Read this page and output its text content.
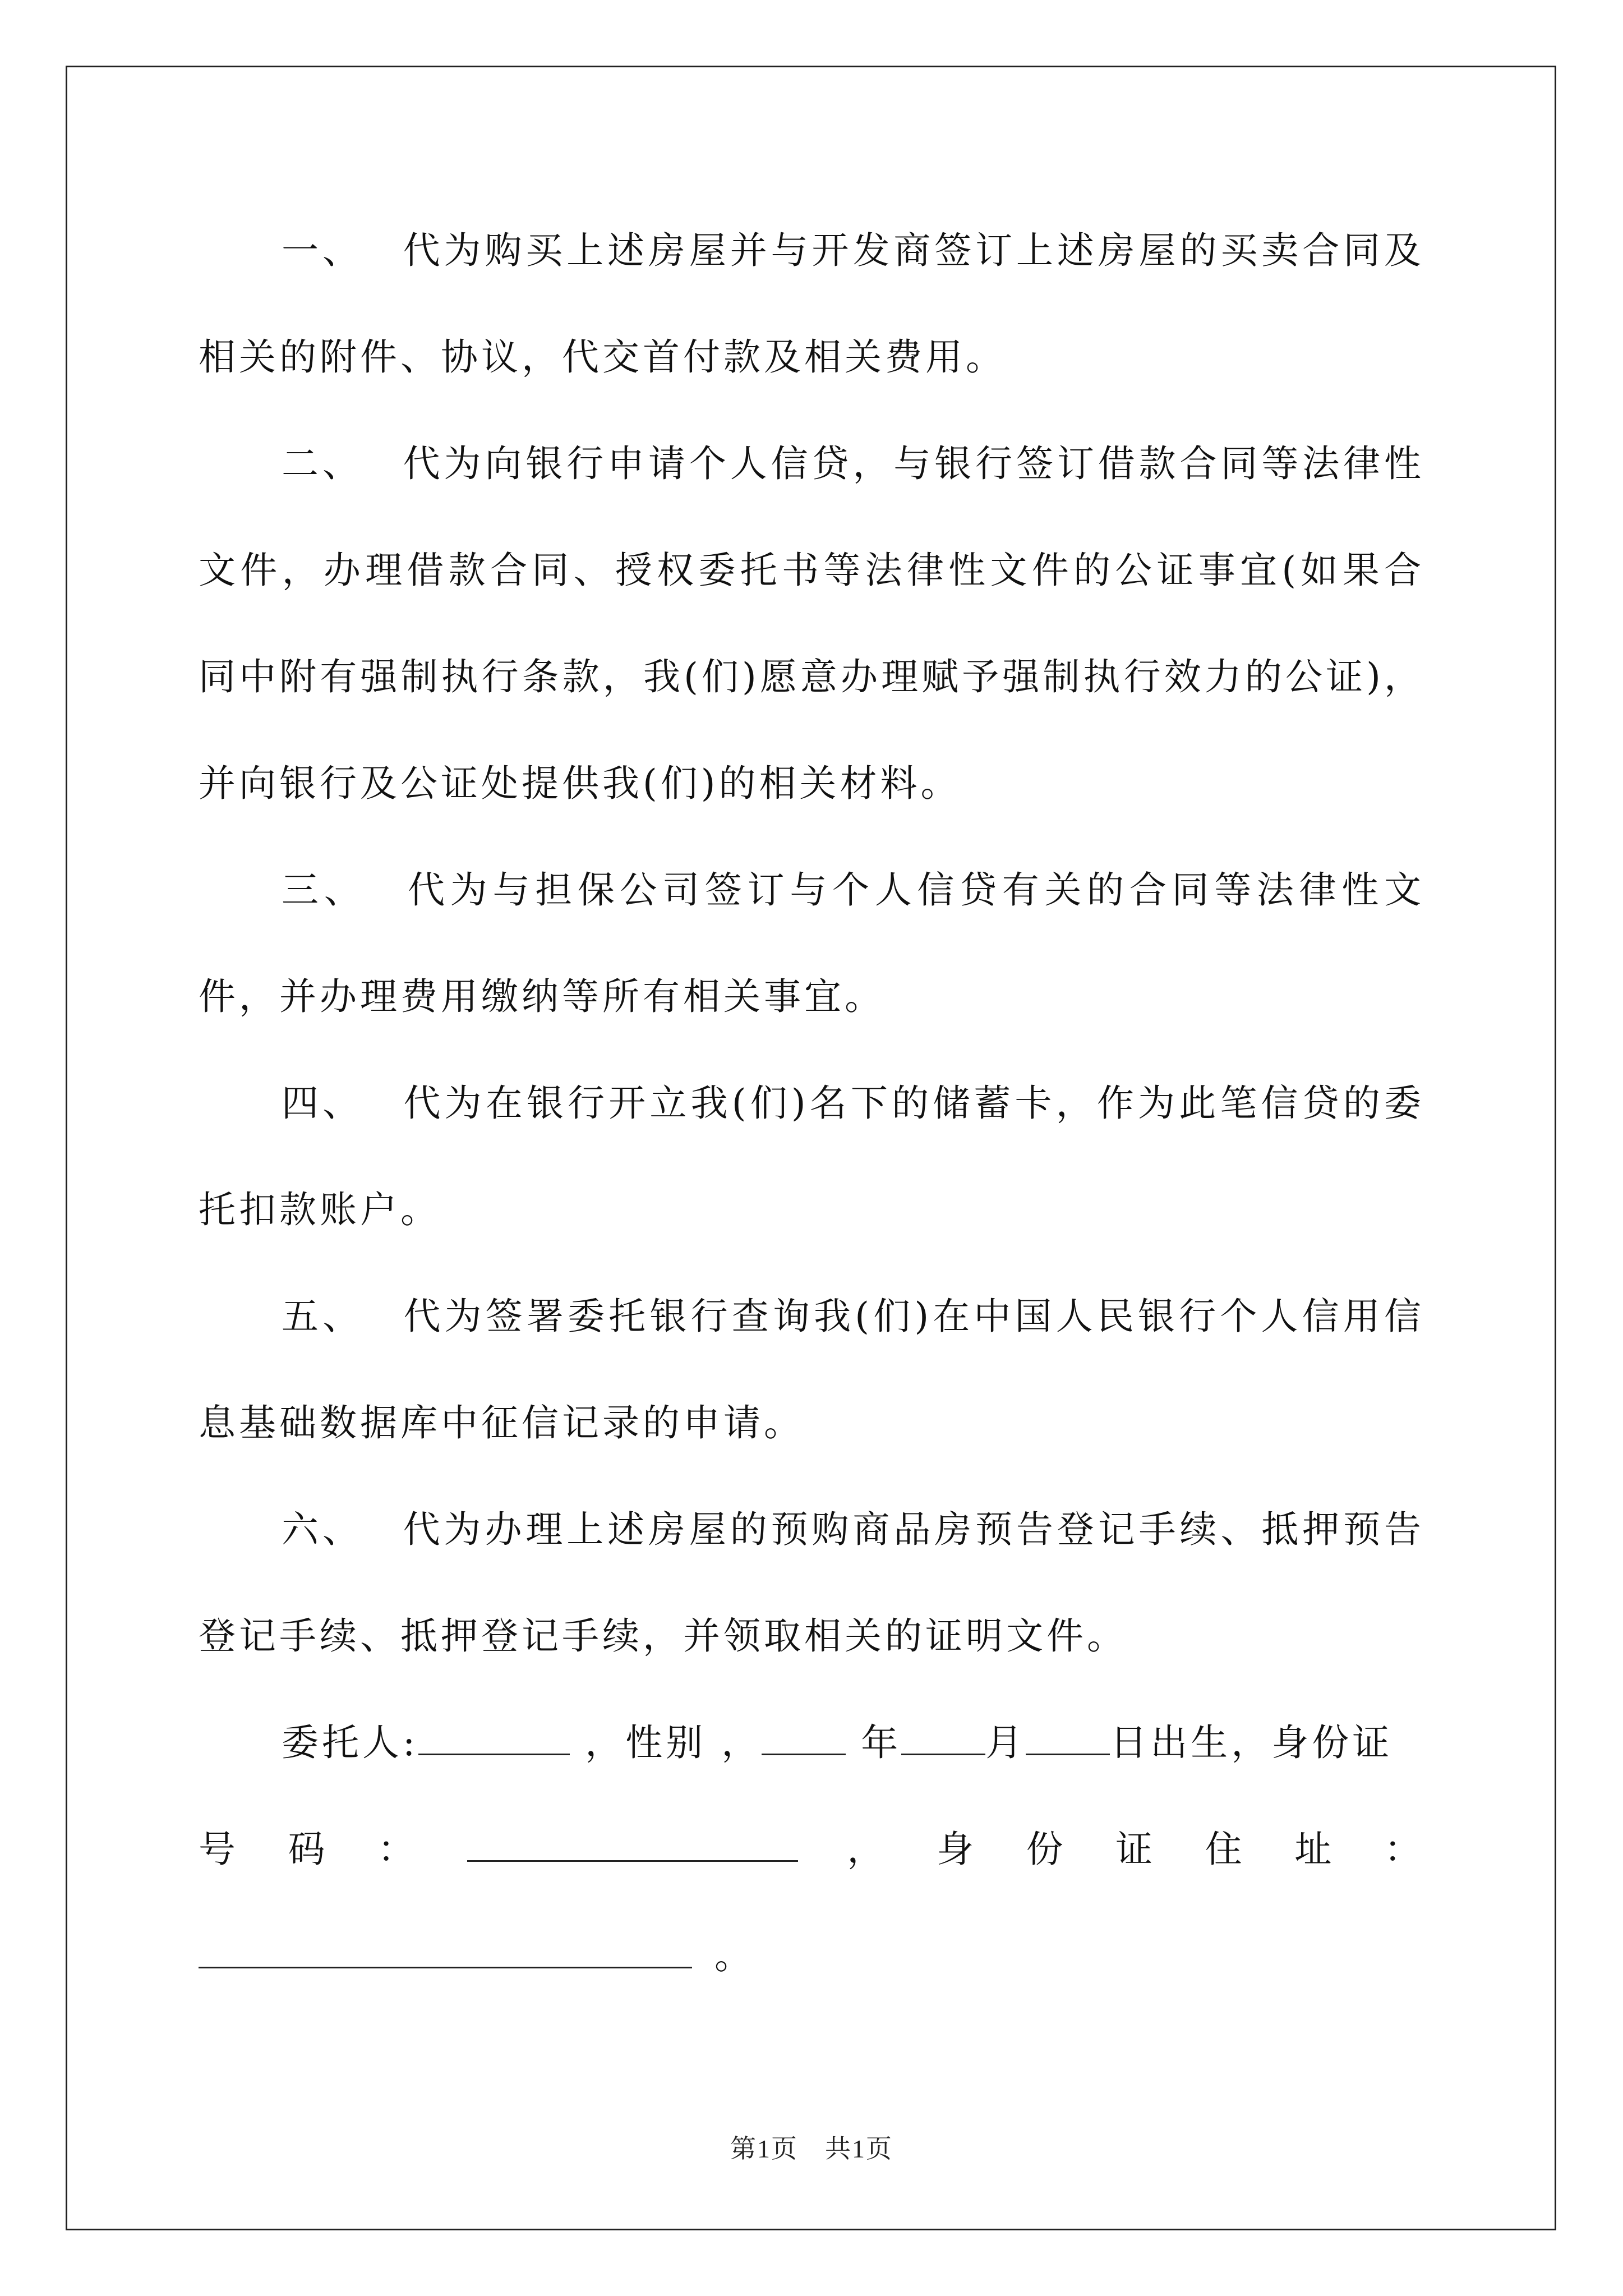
一、 代为购买上述房屋并与开发商签订上述房屋的买卖合同及相关的附件、协议，代交首付款及相关费用。

二、 代为向银行申请个人信贷，与银行签订借款合同等法律性文件，办理借款合同、授权委托书等法律性文件的公证事宜(如果合同中附有强制执行条款，我(们)愿意办理赋予强制执行效力的公证)，并向银行及公证处提供我(们)的相关材料。

三、 代为与担保公司签订与个人信贷有关的合同等法律性文件，并办理费用缴纳等所有相关事宜。

四、 代为在银行开立我(们)名下的储蓄卡，作为此笔信贷的委托扣款账户。

五、 代为签署委托银行查询我(们)在中国人民银行个人信用信息基础数据库中征信记录的申请。

六、 代为办理上述房屋的预购商品房预告登记手续、抵押预告登记手续、抵押登记手续，并领取相关的证明文件。

委托人:	，性别 ，	年 月 日出生，身份证

号 码 ：	， 身 份 证 住 址 ：
。
第1页　共1页
